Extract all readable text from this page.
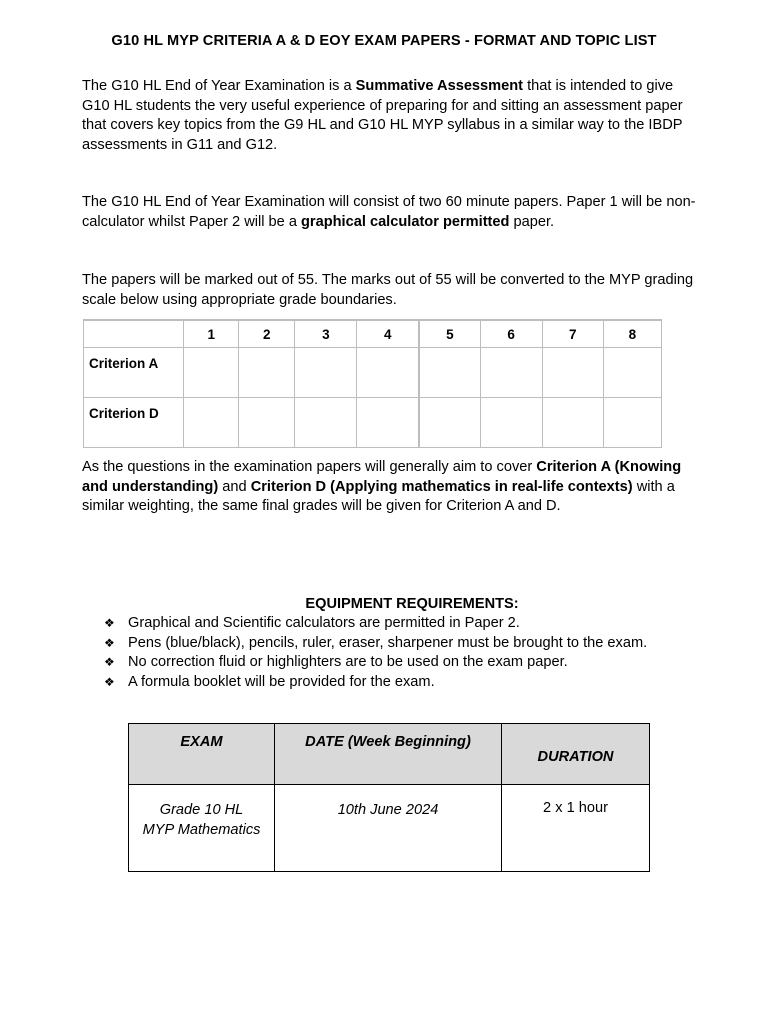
G10 HL MYP CRITERIA A & D EOY EXAM PAPERS - FORMAT AND TOPIC LIST

The G10 HL End of Year Examination is a Summative Assessment that is intended to give G10 HL students the very useful experience of preparing for and sitting an assessment paper that covers key topics from the G9 HL and G10 HL MYP syllabus in a similar way to the IBDP assessments in G11 and G12.

The G10 HL End of Year Examination will consist of two 60 minute papers. Paper 1 will be non-calculator whilst Paper 2 will be a graphical calculator permitted paper.

The papers will be marked out of 55. The marks out of 55 will be converted to the MYP grading scale below using appropriate grade boundaries.

	1	2	3	4	5	6	7	8
Criterion A								
Criterion D								

As the questions in the examination papers will generally aim to cover Criterion A (Knowing and understanding) and Criterion D (Applying mathematics in real-life contexts) with a similar weighting, the same final grades will be given for Criterion A and D.

EQUIPMENT REQUIREMENTS:
❖ Graphical and Scientific calculators are permitted in Paper 2.
❖ Pens (blue/black), pencils, ruler, eraser, sharpener must be brought to the exam.
❖ No correction fluid or highlighters are to be used on the exam paper.
❖ A formula booklet will be provided for the exam.
EXAM	DATE (Week Beginning)	DURATION
Grade 10 HL
MYP Mathematics	10th June 2024	2 x 1 hour
